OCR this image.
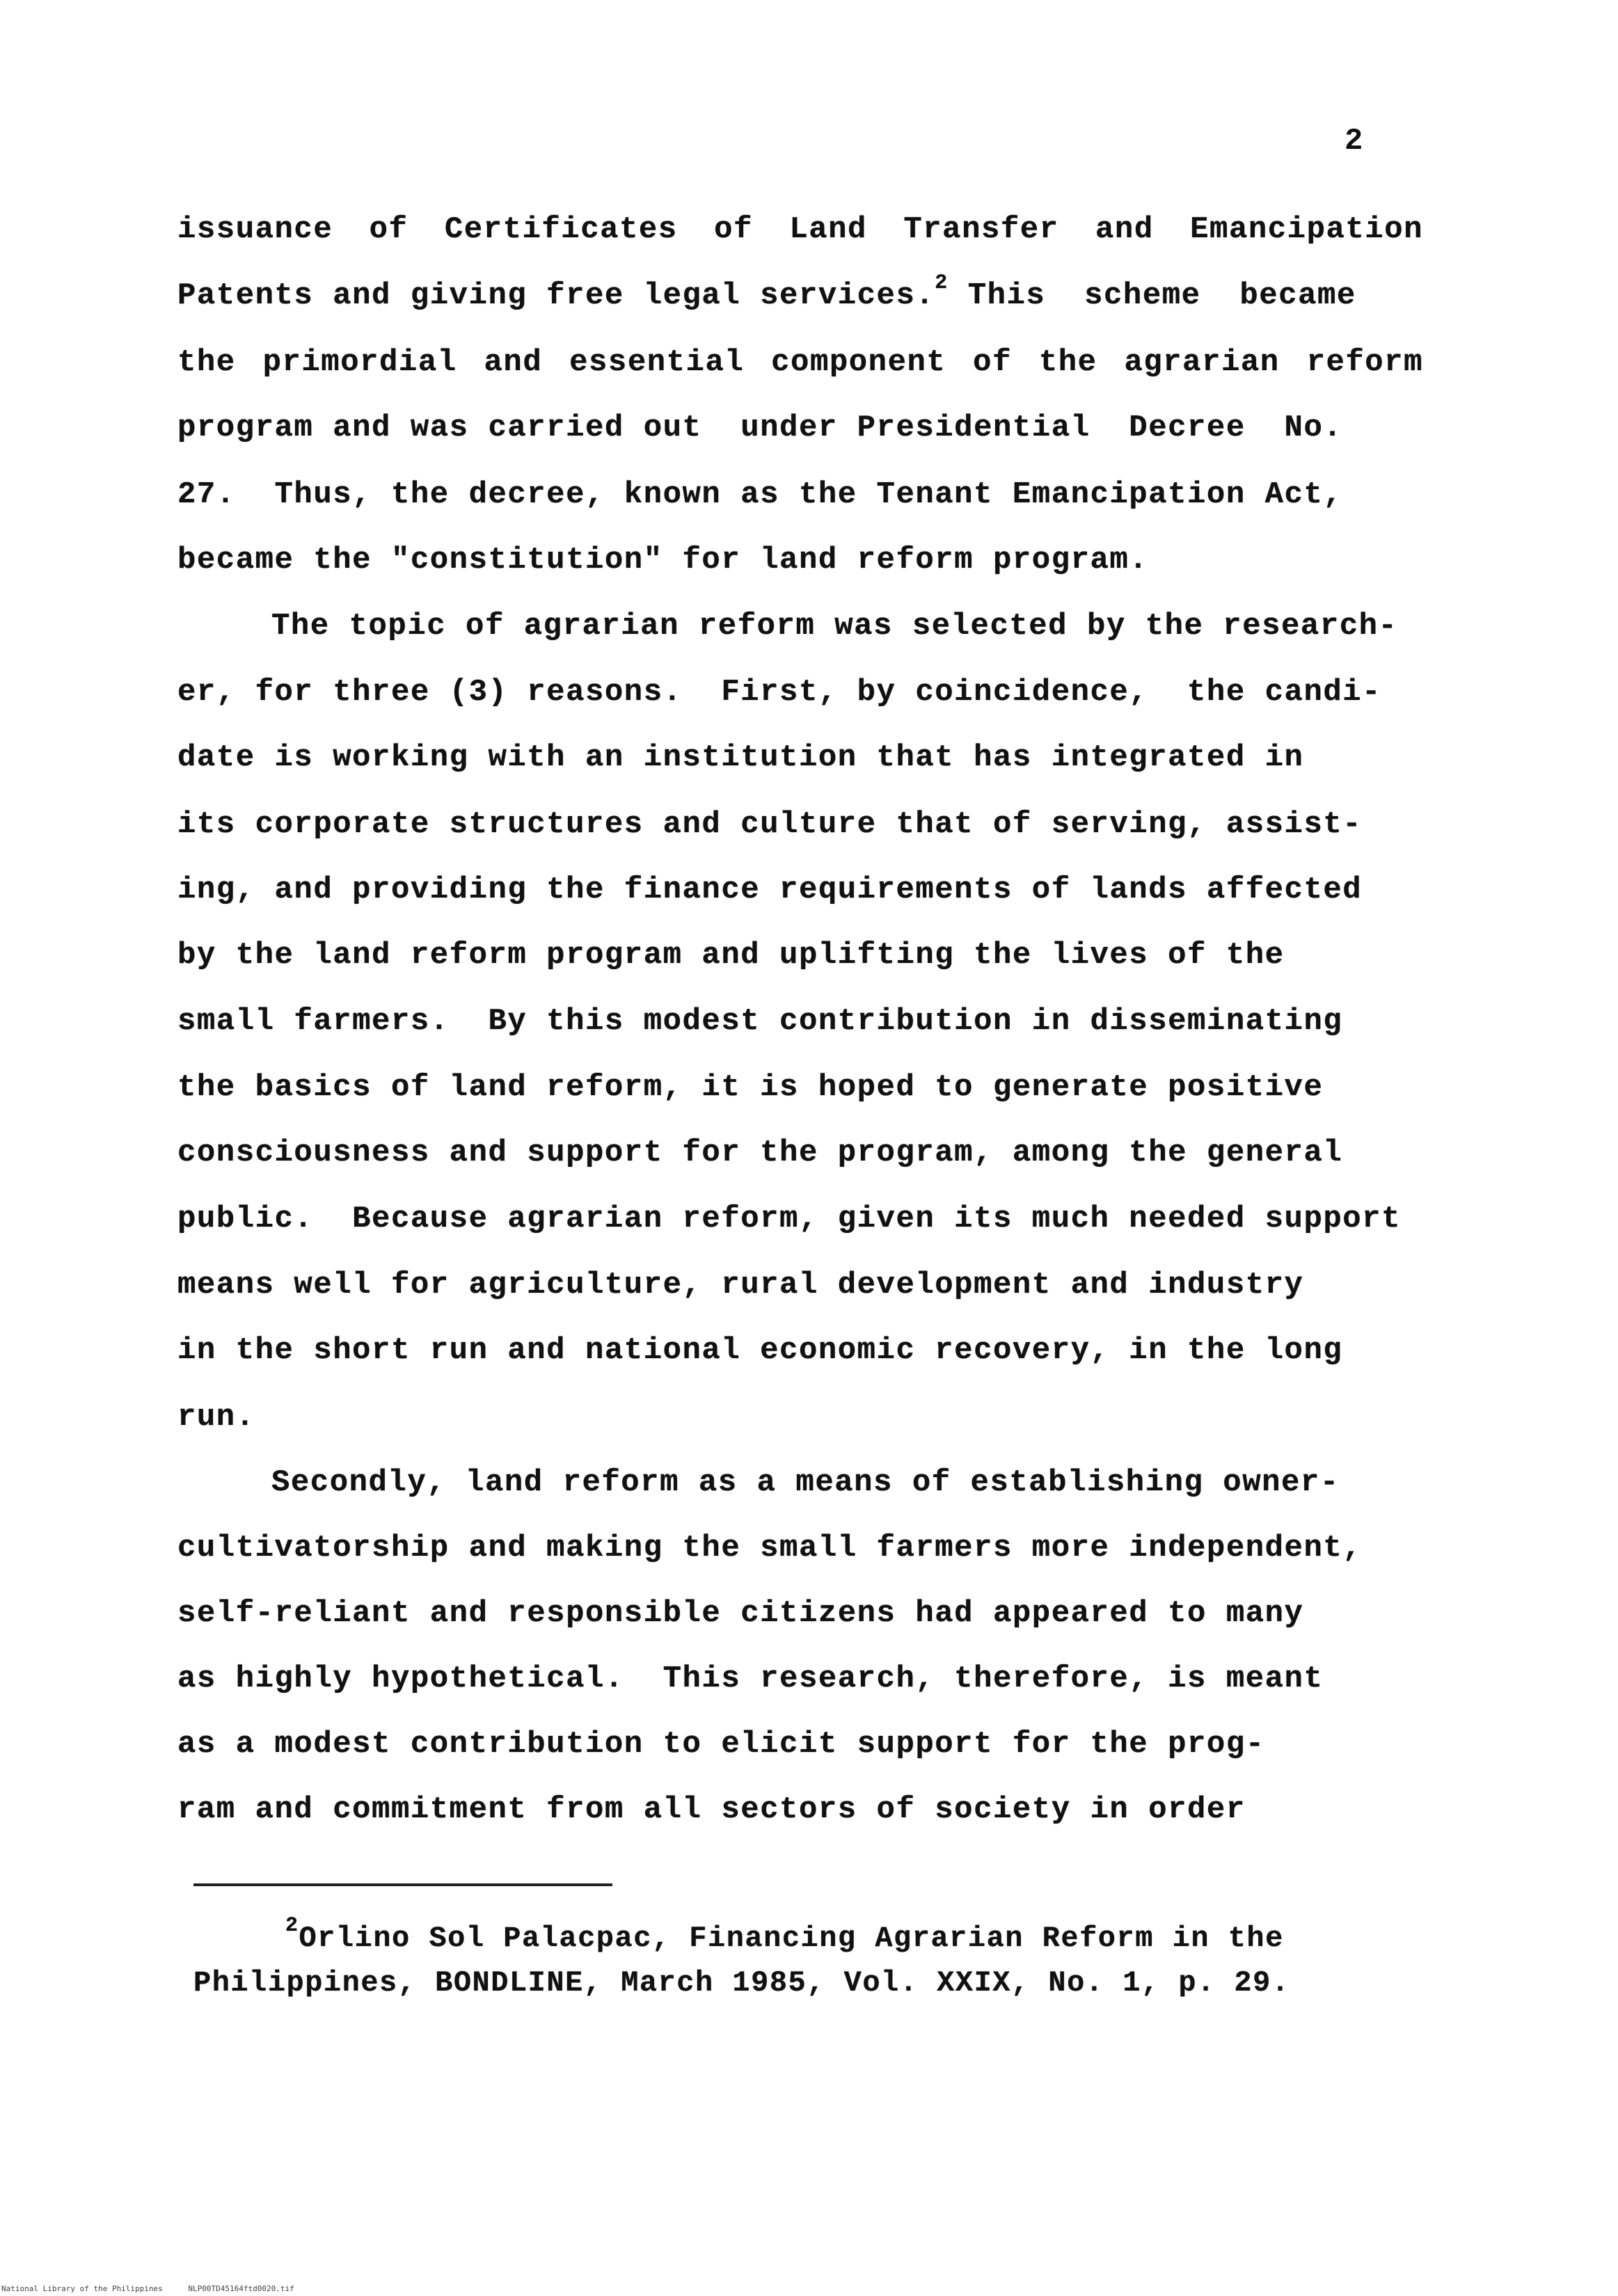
2
issuance of Certificates of Land Transfer and Emancipation
Patents and giving free legal services.$^2$ This  scheme  became
the primordial and essential component of the agrarian reform
program and was carried out  under Presidential  Decree  No.
27.  Thus, the decree, known as the Tenant Emancipation Act,
became the "constitution" for land reform program.
The topic of agrarian reform was selected by the research-
er, for three (3) reasons.  First, by coincidence,  the candi-
date is working with an institution that has integrated in
its corporate structures and culture that of serving, assist-
ing, and providing the finance requirements of lands affected
by the land reform program and uplifting the lives of the
small farmers.  By this modest contribution in disseminating
the basics of land reform, it is hoped to generate positive
consciousness and support for the program, among the general
public.  Because agrarian reform, given its much needed support
means well for agriculture, rural development and industry
in the short run and national economic recovery, in the long
run.
Secondly, land reform as a means of establishing owner-
cultivatorship and making the small farmers more independent,
self-reliant and responsible citizens had appeared to many
as highly hypothetical.  This research, therefore, is meant
as a modest contribution to elicit support for the prog-
ram and commitment from all sectors of society in order
$^2$Orlino Sol Palacpac, Financing Agrarian Reform in the
Philippines, BONDLINE, March 1985, Vol. XXIX, No. 1, p. 29.
National Library of the Philippines	NLP00TD45164ftd0020.tif
